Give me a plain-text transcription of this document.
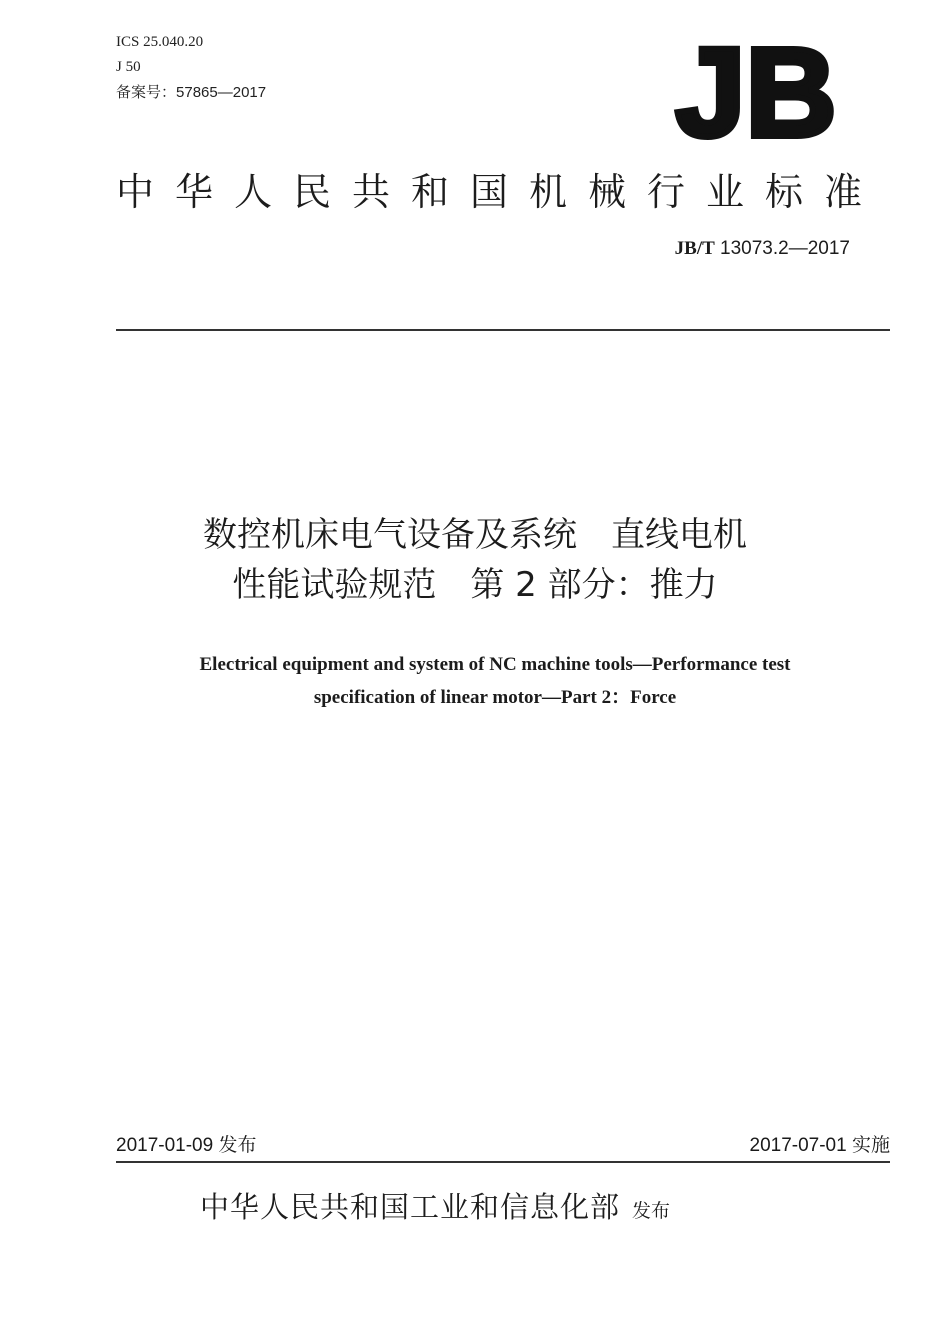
ICS 25.040.20
J 50
备案号：57865—2017	JB
中华人民共和国机械行业标准
JB/T 13073.2—2017
数控机床电气设备及系统　直线电机
性能试验规范　第 2 部分：推力
Electrical equipment and system of NC machine tools—Performance test
specification of linear motor—Part 2：Force
2017-01-09 发布	2017-07-01 实施
中华人民共和国工业和信息化部 发布
